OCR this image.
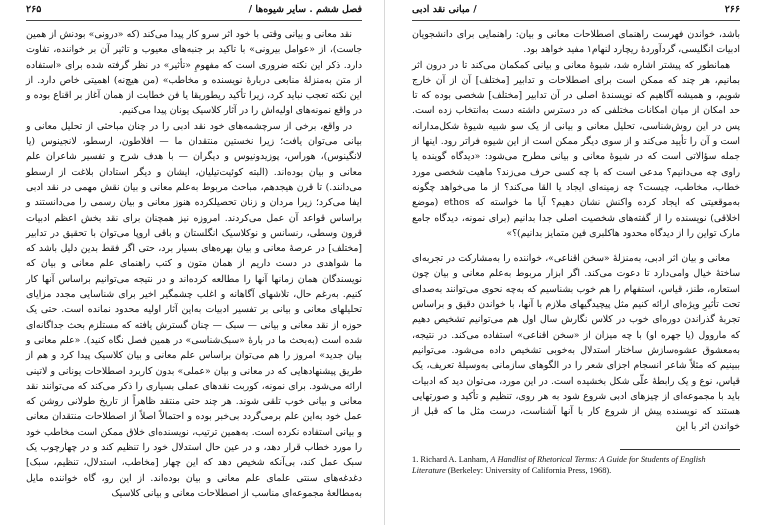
فصل ششم . سایر شیوه‌ها /
۲۶۵

نقد معانی و بیانی وقتی با خود اثر سرو کار پیدا می‌کند (که «درونی» بودنش از همین جاست)، از «عوامل بیرونی» با تاکید بر جنبه‌های معیوب و تاثیر آن بر خواننده، تفاوت دارد. ذکر این نکته ضروری است که مفهومِ «تأثیر» در نظر گرفته شده برای «استفاده از متن به‌منزلهٔ منابعی دربارهٔ نویسنده و مخاطب» (من هیچ‌نه) اهمیتی خاص دارد. از این نکته تعجب نباید کرد، زیرا تأکید ریطوریقا یا فن خطابت از همان آغاز بر اقناع بوده و در واقع نمونه‌های اولیه‌اش را در آثار کلاسیک یونان پیدا می‌کنیم.

در واقع، برخی از سرچشمه‌های خود نقد ادبی را در چنان مباحثی از تحلیل معانی و بیانی می‌توان یافت؛ زیرا نخستین منتقدان ما — افلاطون، ارسطو، لانجینوس (یا لانگینوس)، هوراس، پوزیدونیوس و دیگران — با هدف شرح و تفسیر شاعران علم معانی و بیان بوده‌اند. (البته کوئیت‌تیلیان، ایشان و دیگر استادان بلاغت از ارسطو می‌دانند.) تا قرن هیجدهم، مباحث مربوط به‌علم معانی و بیان نقش مهمی در نقد ادبی ایفا می‌کرد؛ زیرا مردان و زنان تحصیلکرده هنوز معانی و بیان رسمی را می‌دانستند و براساس قواعد آن عمل می‌کردند. امروزه نیز همچنان برای نقد بخش اعظم ادبیات قرون وسطی، رنسانس و نوکلاسیک انگلستان و باقی اروپا می‌توان با تحقیق در تدابیر [مختلف] در عرصهٔ معانی و بیان بهره‌های بسیار برد، حتی اگر فقط بدین دلیل باشد که ما شواهدی در دست داریم از همان متون و کتب راهنمای علم معانی و بیان که نویسندگان همان زمانها آنها را مطالعه کرده‌اند و در نتیجه می‌توانیم براساس آنها کار کنیم. به‌رغم حال، تلاشهای آگاهانه و اغلب چشمگیر اخیر برای شناسایی مجدد مزایای تحلیلهای معانی و بیانی بر تفسیر ادبیات به‌این آثار اولیه محدود نمانده است. حتی یک حوزه از نقد معانی و بیانی — سبک — چنان گسترش یافته که مستلزم بحث جداگانه‌ای شده است (به‌بحث ما در بارهٔ «سبک‌شناسی» در همین فصل نگاه کنید). «علم معانی و بیان جدید» امروز را هم می‌توان براساس علم معانی و بیان کلاسیک پیدا کرد و هم از طریق پیشنهادهایی که در معانی و بیان «عملی» بدون کاربرد اصطلاحات یونانی و لاتینی ارائه می‌شود. برای نمونه، کوربت نقدهای عملی بسیاری را ذکر می‌کند که می‌توانند نقد معانی و بیانی خوب تلقی شوند. هر چند حتی منتقد ظاهراً از تاریخ طولانی روشن که عمل خود به‌این علم برمی‌گردد بی‌خبر بوده و احتمالاً اصلاً از اصطلاحات منتقدان معانی و بیانی استفاده نکرده است. به‌همین ترتیب، نویسنده‌ای خلاق ممکن است مخاطب خود را مورد خطاب قرار دهد، و در عین حال استدلال خود را تنظیم کند و در چهارچوب یک سبک عمل کند، بی‌آنکه شخیص دهد که این چهار [مخاطب، استدلال، تنظیم، سبک] دغدغه‌های سنتی علمای علم معانی و بیان بوده‌اند. از این رو، گاه خواننده مایل به‌مطالعهٔ مجموعه‌ای مناسب از اصطلاحات معانی و بیانی کلاسیک

۲۶۶
/ مبانی نقد ادبی

باشد، خواندن فهرست راهنمای اصطلاحات معانی و بیان: راهنمایی برای دانشجویان ادبیات انگلیسی، گردآوردهٔ ریچارد لنهام۱ مفید خواهد بود.

همانطور که پیشتر اشاره شد، شیوهٔ معانی و بیانی کمکمان می‌کند تا در درون اثر بمانیم، هر چند که ممکن است برای اصطلاحات و تدابیر [مختلف] آن از آن خارج شویم، و همیشه آگاهیم که نویسندهٔ اصلی در آن تدابیر [مختلف] شخصی بوده که تا حد امکان از میان امکانات مختلفی که در دسترس داشته دست به‌انتخاب زده است. پس در این روش‌شناسی، تحلیل معانی و بیانی از یک سو شبیه شیوهٔ شکل‌مدارانه است و آن را تأیید می‌کند و از سوی دیگر ممکن است از این شیوه فراتر رود. اینها از جمله سؤالاتی است که در شیوهٔ معانی و بیانی مطرح می‌شود: «دیدگاه گوینده یا راوی چه می‌دانیم؟ مدعی است که با چه کسی حرف می‌زند؟ ماهیت شخصی مورد خطاب، مخاطب، چیست؟ چه زمینه‌ای ایجاد یا القا می‌کند؟ از ما می‌خواهد چگونه به‌موقعیتی که ایجاد کرده واکنش نشان دهیم؟ آیا ما خواسته که ethos (موضع اخلاقی) نویسنده را از گفته‌های شخصیت اصلی جدا بدانیم (برای نمونه، دیدگاه جامع مارک تواین را از دیدگاه محدود هاکلبری فین متمایز بدانیم)؟»

معانی و بیان اثر ادبی، به‌منزلهٔ «سخن اقناعی»، خواننده را به‌مشارکت در تجربه‌ای ساختهٔ خیال وامی‌دارد تا دعوت می‌کند. اگر ابزار مربوط به‌علم معانی و بیان چون استعاره، طنز، قیاس، استفهام را هم خوب بشناسیم که به‌چه نحوی می‌توانند به‌صدای تحت تأثیرِ ویژه‌ای ارائه کنیم مثل پیچیدگیهای ملازم با آنها، با خواندن دقیق و براساس تجربهٔ گذراندن دوره‌ای خوب در کلاس نگارش سال اول هم می‌توانیم تشخیص دهیم که ماروول (یا جهره او) با چه میزان از «سخن اقناعی» استفاده می‌کند. در نتیجه، به‌معشوق‌ عشوه‌سازش ساختار استدلال به‌خوبی تشخیص داده می‌شود. می‌توانیم ببینیم که مثلاً شاعر انسجام اجزای شعر را در الگوهای سازمانی به‌وسیلهٔ تعریف، یک قیاس، نوع و یک رابطهٔ علّی شکل بخشیده است. در این مورد، می‌توان دید که ادبیات باید با مجموعه‌ای از چیزهای ادبی شروع شود به هر روی، تنظیم و تأکید و صورتهایی هستند که نویسنده پیش از شروع کار با آنها آشناست، درست مثل ما که قبل از خواندن اثر با این

1. Richard A. Lanham, A Handlist of Rhetorical Terms: A Guide for Students of English Literature (Berkeley: University of California Press, 1968).
